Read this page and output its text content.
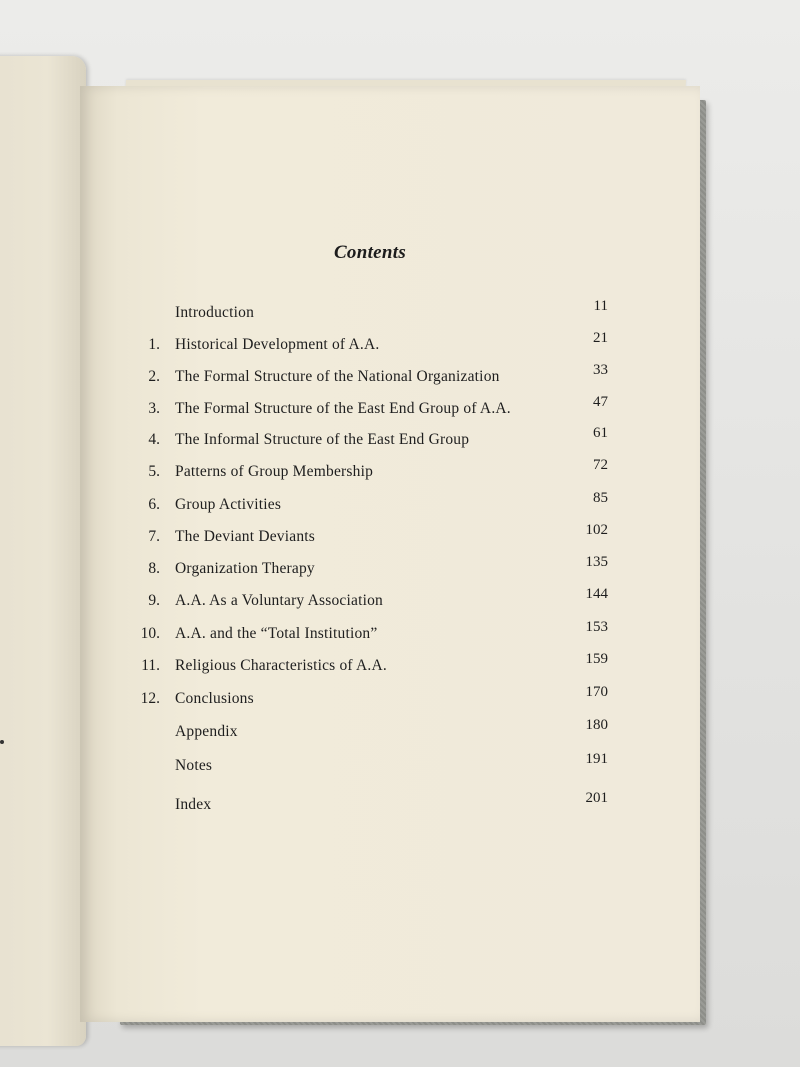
Contents
Introduction	11
1. Historical Development of A.A.	21
2. The Formal Structure of the National Organization	33
3. The Formal Structure of the East End Group of A.A.	47
4. The Informal Structure of the East End Group	61
5. Patterns of Group Membership	72
6. Group Activities	85
7. The Deviant Deviants	102
8. Organization Therapy	135
9. A.A. As a Voluntary Association	144
10. A.A. and the “Total Institution”	153
11. Religious Characteristics of A.A.	159
12. Conclusions	170
Appendix	180
Notes	191
Index	201
